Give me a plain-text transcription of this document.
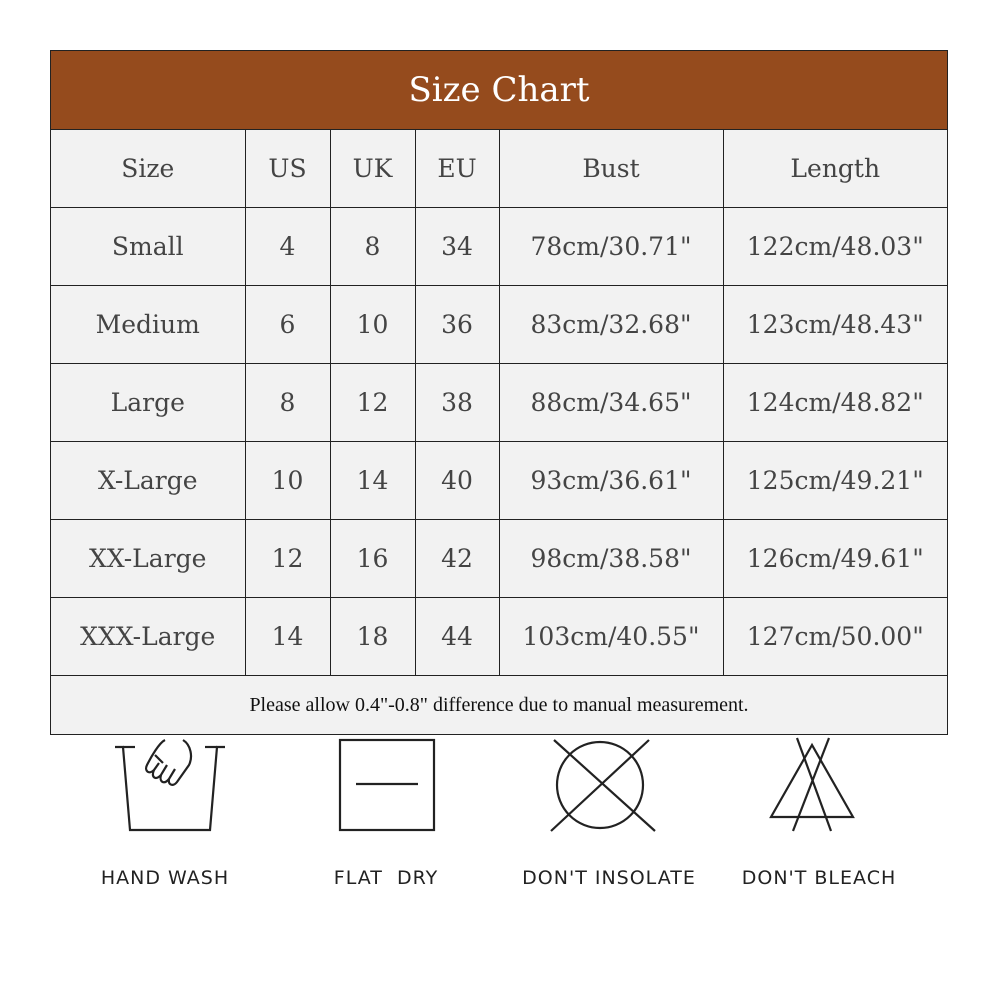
Size Chart
Size	US	UK	EU	Bust	Length
Small	4	8	34	78cm/30.71"	122cm/48.03"
Medium	6	10	36	83cm/32.68"	123cm/48.43"
Large	8	12	38	88cm/34.65"	124cm/48.82"
X-Large	10	14	40	93cm/36.61"	125cm/49.21"
XX-Large	12	16	42	98cm/38.58"	126cm/49.61"
XXX-Large	14	18	44	103cm/40.55"	127cm/50.00"
Please allow 0.4"-0.8" difference due to manual measurement.
HAND WASH	FLAT  DRY	DON'T INSOLATE	DON'T BLEACH
